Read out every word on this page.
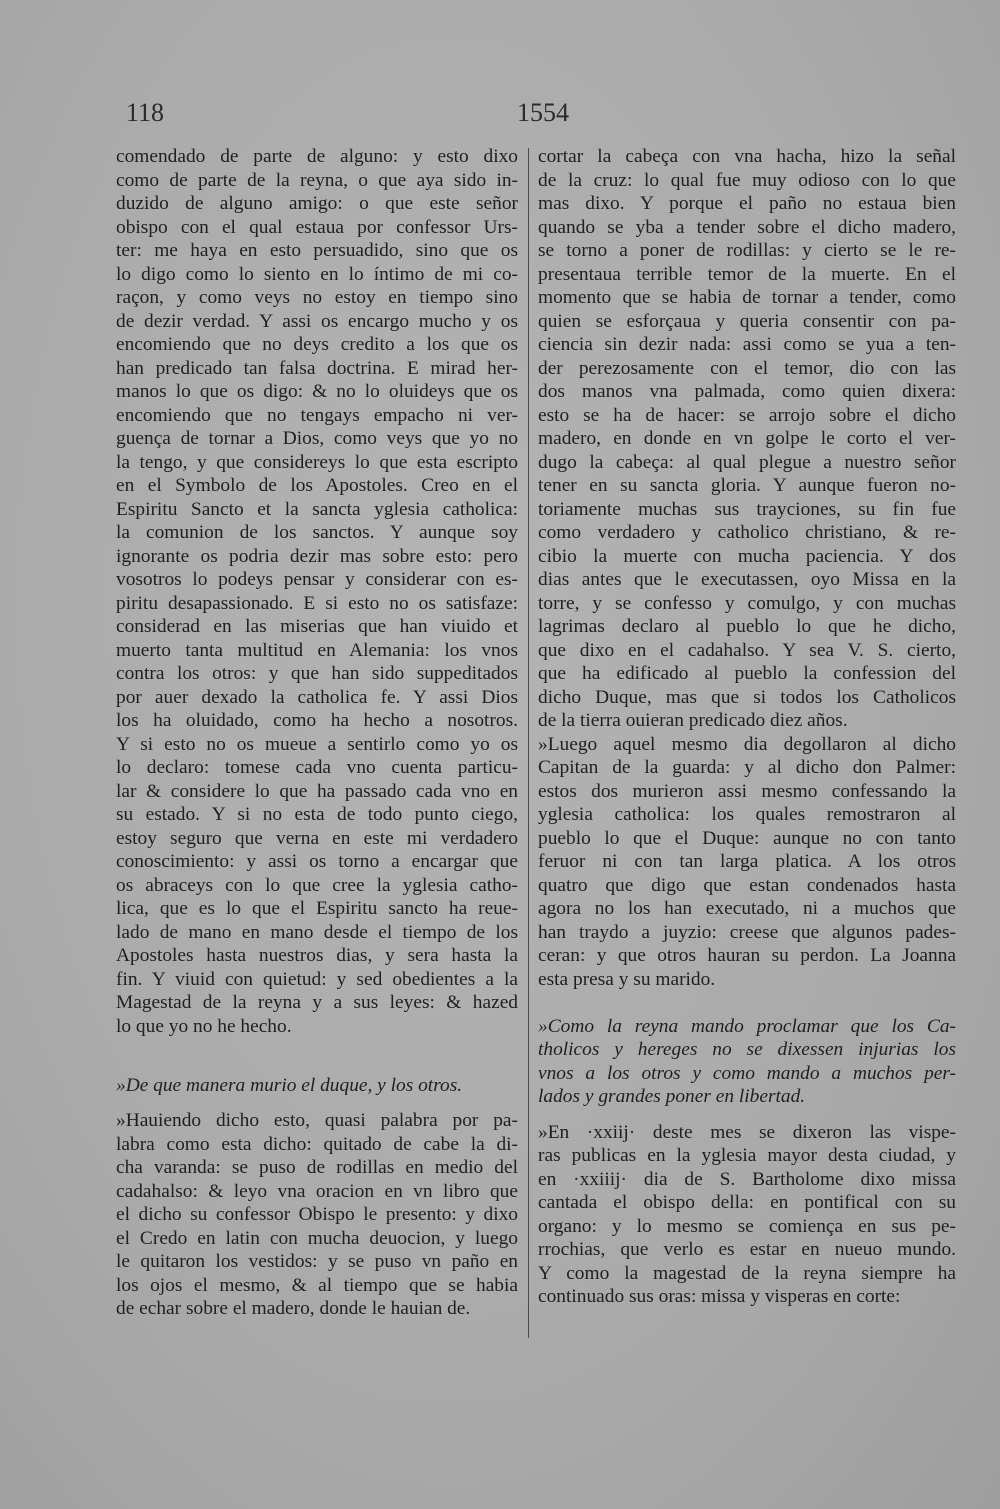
118	1554
comendado de parte de alguno: y esto dixo
como de parte de la reyna, o que aya sido in-
duzido de alguno amigo: o que este señor
obispo con el qual estaua por confessor Urs-
ter: me haya en esto persuadido, sino que os
lo digo como lo siento en lo íntimo de mi co-
raçon, y como veys no estoy en tiempo sino
de dezir verdad. Y assi os encargo mucho y os
encomiendo que no deys credito a los que os
han predicado tan falsa doctrina. E mirad her-
manos lo que os digo: & no lo oluideys que os
encomiendo que no tengays empacho ni ver-
guença de tornar a Dios, como veys que yo no
la tengo, y que considereys lo que esta escripto
en el Symbolo de los Apostoles. Creo en el
Espiritu Sancto et la sancta yglesia catholica:
la comunion de los sanctos. Y aunque soy
ignorante os podria dezir mas sobre esto: pero
vosotros lo podeys pensar y considerar con es-
piritu desapassionado. E si esto no os satisfaze:
considerad en las miserias que han viuido et
muerto tanta multitud en Alemania: los vnos
contra los otros: y que han sido suppeditados
por auer dexado la catholica fe. Y assi Dios
los ha oluidado, como ha hecho a nosotros.
Y si esto no os mueue a sentirlo como yo os
lo declaro: tomese cada vno cuenta particu-
lar & considere lo que ha passado cada vno en
su estado. Y si no esta de todo punto ciego,
estoy seguro que verna en este mi verdadero
conoscimiento: y assi os torno a encargar que
os abraceys con lo que cree la yglesia catho-
lica, que es lo que el Espiritu sancto ha reue-
lado de mano en mano desde el tiempo de los
Apostoles hasta nuestros dias, y sera hasta la
fin. Y viuid con quietud: y sed obedientes a la
Magestad de la reyna y a sus leyes: & hazed
lo que yo no he hecho.
»De que manera murio el duque, y los otros.
»Hauiendo dicho esto, quasi palabra por pa-
labra como esta dicho: quitado de cabe la di-
cha varanda: se puso de rodillas en medio del
cadahalso: & leyo vna oracion en vn libro que
el dicho su confessor Obispo le presento: y dixo
el Credo en latin con mucha deuocion, y luego
le quitaron los vestidos: y se puso vn paño en
los ojos el mesmo, & al tiempo que se habia
de echar sobre el madero, donde le hauian de.
cortar la cabeça con vna hacha, hizo la señal
de la cruz: lo qual fue muy odioso con lo que
mas dixo. Y porque el paño no estaua bien
quando se yba a tender sobre el dicho madero,
se torno a poner de rodillas: y cierto se le re-
presentaua terrible temor de la muerte. En el
momento que se habia de tornar a tender, como
quien se esforçaua y queria consentir con pa-
ciencia sin dezir nada: assi como se yua a ten-
der perezosamente con el temor, dio con las
dos manos vna palmada, como quien dixera:
esto se ha de hacer: se arrojo sobre el dicho
madero, en donde en vn golpe le corto el ver-
dugo la cabeça: al qual plegue a nuestro señor
tener en su sancta gloria. Y aunque fueron no-
toriamente muchas sus trayciones, su fin fue
como verdadero y catholico christiano, & re-
cibio la muerte con mucha paciencia. Y dos
dias antes que le executassen, oyo Missa en la
torre, y se confesso y comulgo, y con muchas
lagrimas declaro al pueblo lo que he dicho,
que dixo en el cadahalso. Y sea V. S. cierto,
que ha edificado al pueblo la confession del
dicho Duque, mas que si todos los Catholicos
de la tierra ouieran predicado diez años.
»Luego aquel mesmo dia degollaron al dicho
Capitan de la guarda: y al dicho don Palmer:
estos dos murieron assi mesmo confessando la
yglesia catholica: los quales remostraron al
pueblo lo que el Duque: aunque no con tanto
feruor ni con tan larga platica. A los otros
quatro que digo que estan condenados hasta
agora no los han executado, ni a muchos que
han traydo a juyzio: creese que algunos pades-
ceran: y que otros hauran su perdon. La Joanna
esta presa y su marido.
»Como la reyna mando proclamar que los Ca-
tholicos y hereges no se dixessen injurias los
vnos a los otros y como mando a muchos per-
lados y grandes poner en libertad.
»En ·xxiij· deste mes se dixeron las vispe-
ras publicas en la yglesia mayor desta ciudad, y
en ·xxiiij· dia de S. Bartholome dixo missa
cantada el obispo della: en pontifical con su
organo: y lo mesmo se comiença en sus pe-
rrochias, que verlo es estar en nueuo mundo.
Y como la magestad de la reyna siempre ha
continuado sus oras: missa y visperas en corte:
